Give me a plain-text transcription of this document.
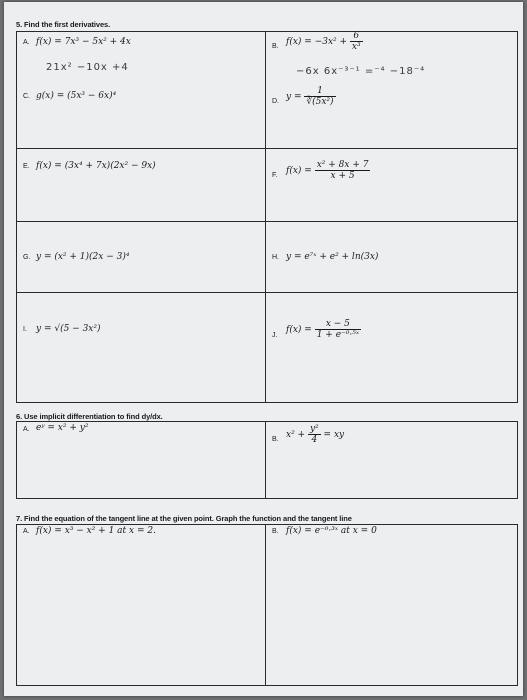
5. Find the first derivatives.
A. f(x) = 7x³ − 5x² + 4x
21x² −10x +4
B. $f(x) = -3x^2 + \frac{6}{\text{x³}}$
−6x 6x⁻³⁻¹ =⁻⁴ −18⁻⁴
C. g(x) = (5x³ − 6x)⁴
D. $y = \frac{1}{\text{∛(5x²)}}$
E. f(x) = (3x⁴ + 7x)(2x² − 9x)
F. $f(x) = \frac{\text{x² + 8x + 7}}{x + 5}$
G. y = (x² + 1)(2x − 3)⁴	H. y = e⁷ˣ + e² + ln(3x)
I. y = √(5 − 3x²)
J.
$f(x) = \frac{x - 5}{\text{1 + e⁻⁰·⁵ˣ}}$
6. Use implicit differentiation to find dy/dx.
A. eʸ = x² + y²
B. $x^2 + \frac{\text{y²}}{4}$ = xy
7. Find the equation of the tangent line at the given point. Graph the function and the tangent line
A. f(x) = x³ − x² + 1 at x = 2.	B. f(x) = e⁻⁰·³ˣ at x = 0
